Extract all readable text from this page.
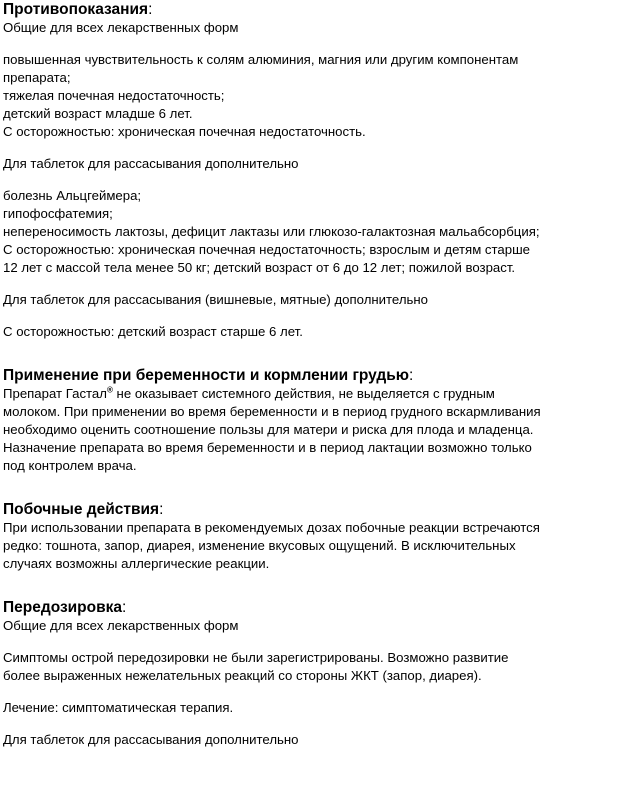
Противопоказания:

Общие для всех лекарственных форм

повышенная чувствительность к солям алюминия, магния или другим компонентам

препарата;

тяжелая почечная недостаточность;

детский возраст младше 6 лет.

С осторожностью: хроническая почечная недостаточность.

Для таблеток для рассасывания дополнительно

болезнь Альцгеймера;

гипофосфатемия;

непереносимость лактозы, дефицит лактазы или глюкозо-галактозная мальабсорбция;

С осторожностью: хроническая почечная недостаточность; взрослым и детям старше

12 лет с массой тела менее 50 кг; детский возраст от 6 до 12 лет; пожилой возраст.

Для таблеток для рассасывания (вишневые, мятные) дополнительно

С осторожностью: детский возраст старше 6 лет.

Применение при беременности и кормлении грудью:

Препарат Гастал® не оказывает системного действия, не выделяется с грудным

молоком. При применении во время беременности и в период грудного вскармливания

необходимо оценить соотношение пользы для матери и риска для плода и младенца.

Назначение препарата во время беременности и в период лактации возможно только

под контролем врача.

Побочные действия:

При использовании препарата в рекомендуемых дозах побочные реакции встречаются

редко: тошнота, запор, диарея, изменение вкусовых ощущений. В исключительных

случаях возможны аллергические реакции.

Передозировка:

Общие для всех лекарственных форм

Симптомы острой передозировки не были зарегистрированы. Возможно развитие

более выраженных нежелательных реакций со стороны ЖКТ (запор, диарея).

Лечение: симптоматическая терапия.

Для таблеток для рассасывания дополнительно
